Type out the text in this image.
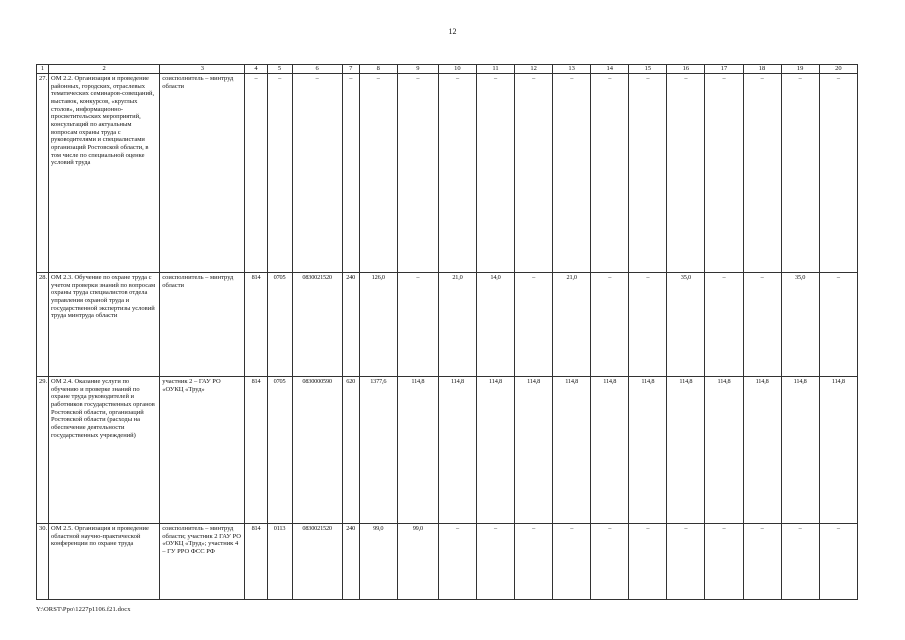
12
1	2	3	4	5	6	7	8	9	10	11	12	13	14	15	16	17	18	19	20
27.	ОМ 2.2. Организация и проведение районных, городских, отраслевых тематических семинаров-совещаний, выставок, конкурсов, «круглых столов», информационно-просветительских мероприятий, консультаций по актуальным вопросам охраны труда с руководителями и специалистами организаций Ростовской области, в том числе по специальной оценке условий труда	соисполнитель – минтруд области	–	–	–	–	–	–	–	–	–	–	–	–	–	–	–	–	–
28.	ОМ 2.3. Обучение по охране труда с учетом проверки знаний по вопросам охраны труда специалистов отдела управления охраной труда и государственной экспертизы условий труда минтруда области	соисполнитель – минтруд области	814	0705	0830021520	240	126,0	–	21,0	14,0	–	21,0	–	–	35,0	–	–	35,0	–
29.	ОМ 2.4. Оказание услуги по обучению и проверке знаний по охране труда руководителей и работников государственных органов Ростовской области, организаций Ростовской области (расходы на обеспечение деятельности государственных учреждений)	участник 2 – ГАУ РО «ОУКЦ «Труд»	814	0705	0830000590	620	1377,6	114,8	114,8	114,8	114,8	114,8	114,8	114,8	114,8	114,8	114,8	114,8	114,8
30.	ОМ 2.5. Организация и проведение областной научно-практической конференции по охране труда	соисполнитель – минтруд области; участник 2 ГАУ РО «ОУКЦ «Труд»; участник 4 – ГУ РРО ФСС РФ	814	0113	0830021520	240	99,0	99,0	–	–	–	–	–	–	–	–	–	–	–
Y:\ORST\Ppo\1227p1106.f21.docx
